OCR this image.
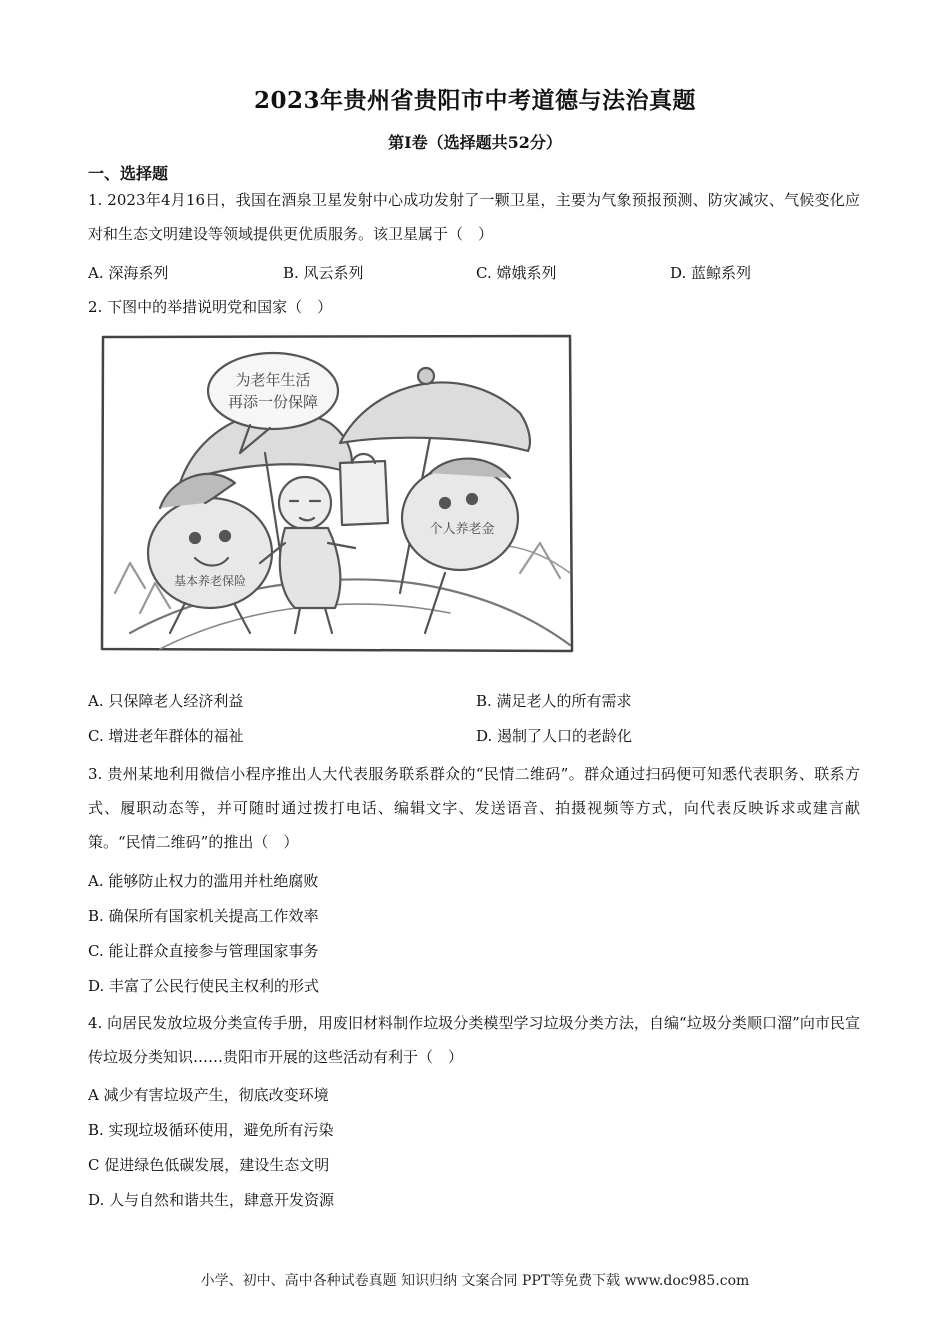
2023年贵州省贵阳市中考道德与法治真题
第Ⅰ卷（选择题共52分）
一、选择题
1. 2023年4月16日，我国在酒泉卫星发射中心成功发射了一颗卫星，主要为气象预报预测、防灾减灾、气候变化应对和生态文明建设等领域提供更优质服务。该卫星属于（　）
A. 深海系列	B. 风云系列	C. 嫦娥系列	D. 蓝鲸系列
2. 下图中的举措说明党和国家（　）
为老年生活
再添一份保障
基本养老保险
个人养老金
A. 只保障老人经济利益	B. 满足老人的所有需求
C. 增进老年群体的福祉	D. 遏制了人口的老龄化
3. 贵州某地利用微信小程序推出人大代表服务联系群众的“民情二维码”。群众通过扫码便可知悉代表职务、联系方式、履职动态等，并可随时通过拨打电话、编辑文字、发送语音、拍摄视频等方式，向代表反映诉求或建言献策。“民情二维码”的推出（　）
A. 能够防止权力的滥用并杜绝腐败
B. 确保所有国家机关提高工作效率
C. 能让群众直接参与管理国家事务
D. 丰富了公民行使民主权利的形式
4. 向居民发放垃圾分类宣传手册，用废旧材料制作垃圾分类模型学习垃圾分类方法，自编“垃圾分类顺口溜”向市民宣传垃圾分类知识……贵阳市开展的这些活动有利于（　）
A 减少有害垃圾产生，彻底改变环境
B. 实现垃圾循环使用，避免所有污染
C 促进绿色低碳发展，建设生态文明
D. 人与自然和谐共生，肆意开发资源
小学、初中、高中各种试卷真题 知识归纳 文案合同 PPT等免费下载 www.doc985.com
